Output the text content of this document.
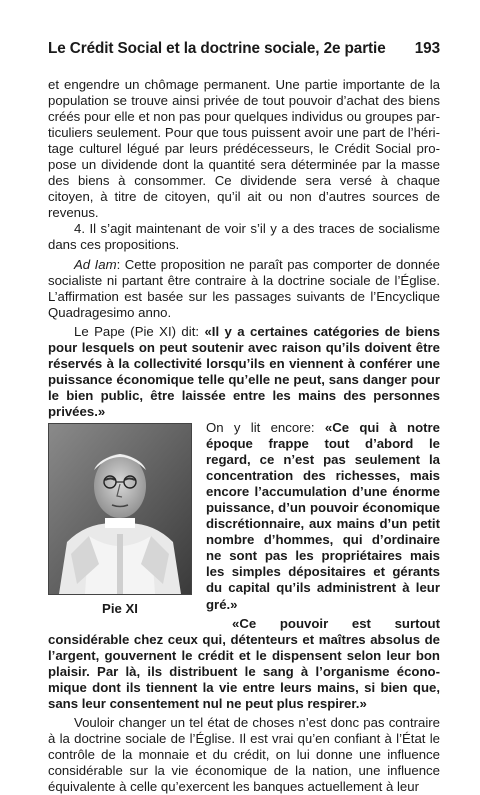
Le Crédit Social et la doctrine sociale, 2e partie 193

et engendre un chômage permanent. Une partie importante de la population se trouve ainsi privée de tout pouvoir d’achat des biens créés pour elle et non pas pour quelques individus ou groupes particuliers seulement. Pour que tous puissent avoir une part de l’héritage culturel légué par leurs prédécesseurs, le Crédit Social propose un dividende dont la quantité sera déterminée par la masse des biens à consommer. Ce dividende sera versé à chaque citoyen, à titre de citoyen, qu’il ait ou non d’autres sources de revenus.

4. Il s’agit maintenant de voir s’il y a des traces de socialisme dans ces propositions.

Ad Iam: Cette proposition ne paraît pas comporter de donnée socialiste ni partant être contraire à la doctrine sociale de l’Église. L’affirmation est basée sur les passages suivants de l’Encyclique Quadragesimo anno.

Le Pape (Pie XI) dit: «Il y a certaines catégories de biens pour lesquels on peut soutenir avec raison qu’ils doivent être réservés à la collectivité lorsqu’ils en viennent à conférer une puissance économique telle qu’elle ne peut, sans danger pour le bien public, être laissée entre les mains des personnes privées.»

Pie XI

On y lit encore: «Ce qui à notre époque frappe tout d’abord le regard, ce n’est pas seulement la concentration des richesses, mais encore l’accumulation d’une énorme puissance, d’un pouvoir économique discrétionnaire, aux mains d’un petit nombre d’hommes, qui d’ordinaire ne sont pas les propriétaires mais les simples dépositaires et gérants du capital qu’ils administrent à leur gré.»

«Ce pouvoir est surtout considérable chez ceux qui, détenteurs et maîtres absolus de l’argent, gouvernent le crédit et le dispensent selon leur bon plaisir. Par là, ils distribuent le sang à l’organisme économique dont ils tiennent la vie entre leurs mains, si bien que, sans leur consentement nul ne peut plus respirer.»

Vouloir changer un tel état de choses n’est donc pas contraire à la doctrine sociale de l’Église. Il est vrai qu’en confiant à l’État le contrôle de la monnaie et du crédit, on lui donne une influence considérable sur la vie économique de la nation, une influence équivalente à celle qu’exercent les banques actuellement à leur
